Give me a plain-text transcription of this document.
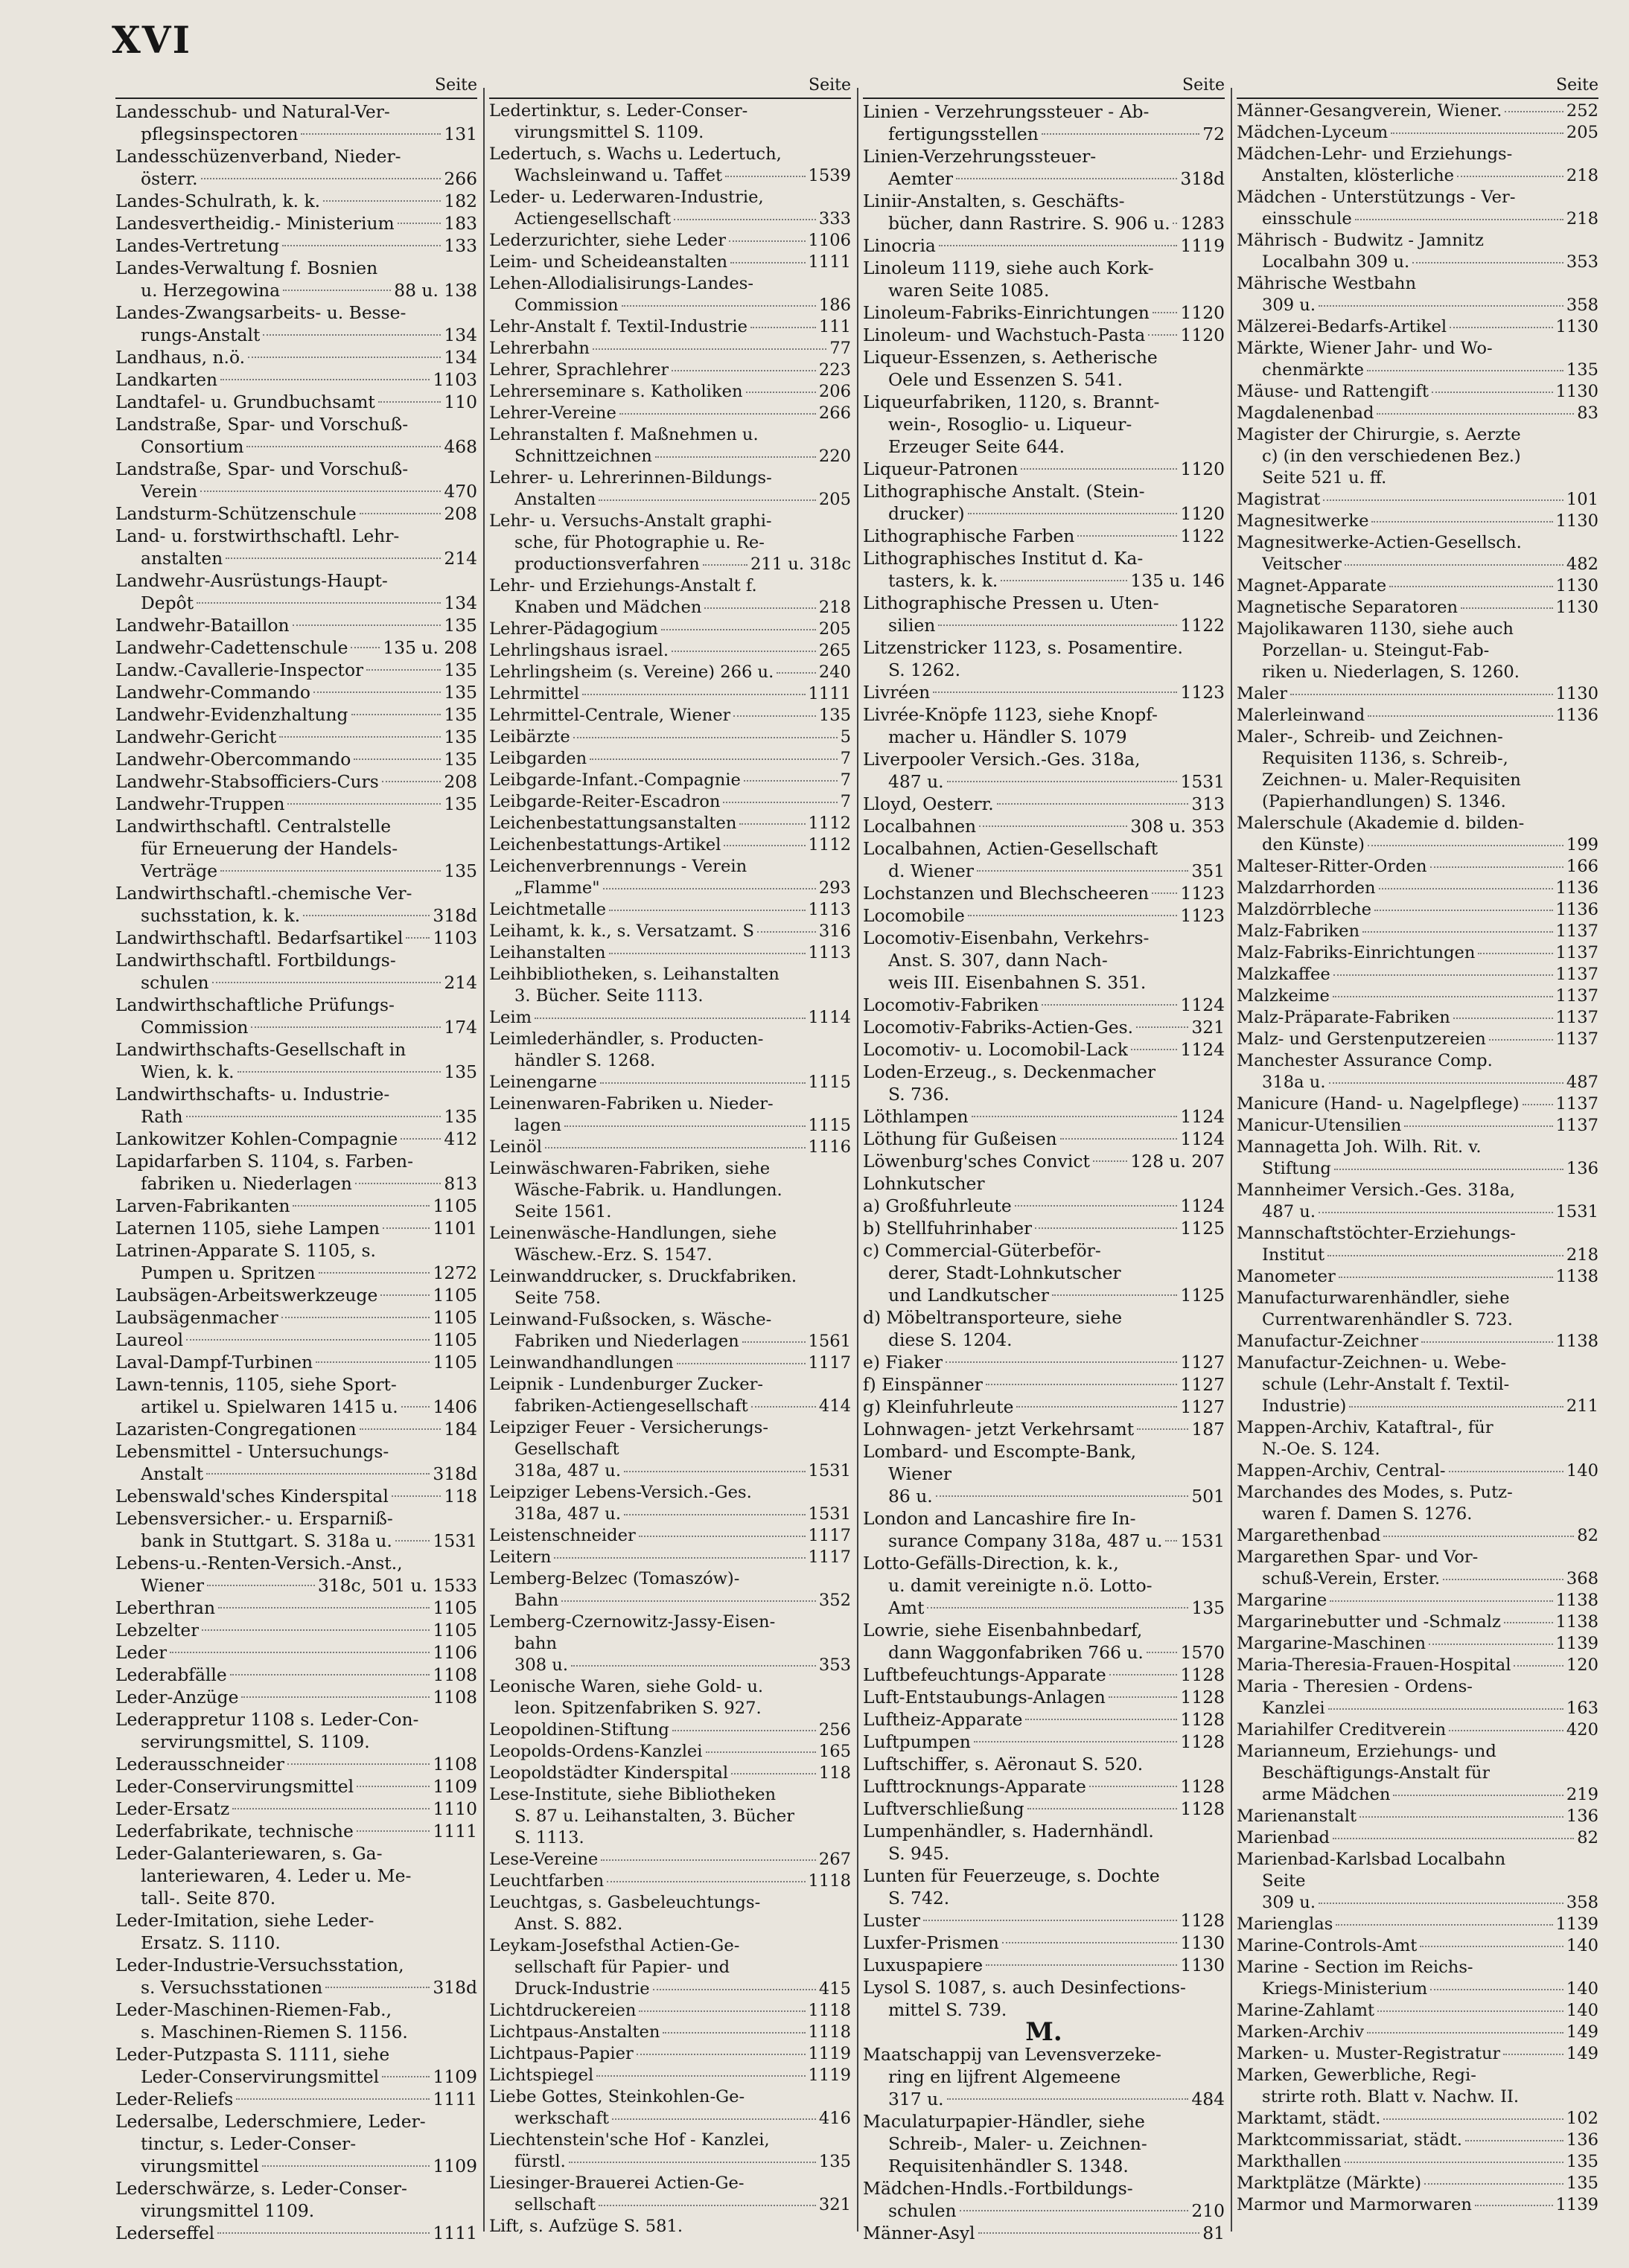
XVI
Seite
Landesschub- und Natural-Ver-
pflegsinspectoren	131
Landesschüzenverband, Nieder-
österr.	266
Landes-Schulrath, k. k.	182
Landesvertheidig.- Ministerium	183
Landes-Vertretung	133
Landes-Verwaltung f. Bosnien
u. Herzegowina	88 u. 138
Landes-Zwangsarbeits- u. Besse-
rungs-Anstalt	134
Landhaus, n.ö.	134
Landkarten	1103
Landtafel- u. Grundbuchsamt	110
Landstraße, Spar- und Vorschuß-
Consortium	468
Landstraße, Spar- und Vorschuß-
Verein	470
Landsturm-Schützenschule	208
Land- u. forstwirthschaftl. Lehr-
anstalten	214
Landwehr-Ausrüstungs-Haupt-
Depôt	134
Landwehr-Bataillon	135
Landwehr-Cadettenschule 135 u. 208
Landw.-Cavallerie-Inspector	135
Landwehr-Commando	135
Landwehr-Evidenzhaltung	135
Landwehr-Gericht	135
Landwehr-Obercommando	135
Landwehr-Stabsofficiers-Curs	208
Landwehr-Truppen	135
Landwirthschaftl. Centralstelle
für Erneuerung der Handels-
Verträge	135
Landwirthschaftl.-chemische Ver-
suchsstation, k. k.	318d
Landwirthschaftl. Bedarfsartikel 1103
Landwirthschaftl. Fortbildungs-
schulen	214
Landwirthschaftliche Prüfungs-
Commission	174
Landwirthschafts-Gesellschaft in
Wien, k. k.	135
Landwirthschafts- u. Industrie-
Rath	135
Lankowitzer Kohlen-Compagnie	412
Lapidarfarben S. 1104, s. Farben-
fabriken u. Niederlagen	813
Larven-Fabrikanten	1105
Laternen 1105, siehe Lampen	1101
Latrinen-Apparate S. 1105, s.
Pumpen u. Spritzen	1272
Laubsägen-Arbeitswerkzeuge	1105
Laubsägenmacher	1105
Laureol	1105
Laval-Dampf-Turbinen	1105
Lawn-tennis, 1105, siehe Sport-
artikel u. Spielwaren 1415 u. 1406
Lazaristen-Congregationen	184
Lebensmittel - Untersuchungs-
Anstalt	318d
Lebenswald'sches Kinderspital	118
Lebensversicher.- u. Ersparniß-
bank in Stuttgart. S. 318a u. 1531
Lebens-u.-Renten-Versich.-Anst.,
Wiener	318c, 501 u. 1533
Leberthran	1105
Lebzelter	1105
Leder	1106
Lederabfälle	1108
Leder-Anzüge	1108
Lederappretur 1108 s. Leder-Con-
servirungsmittel, S. 1109.
Lederausschneider	1108
Leder-Conservirungsmittel	1109
Leder-Ersatz	1110
Lederfabrikate, technische	1111
Leder-Galanteriewaren, s. Ga-
lanteriewaren, 4. Leder u. Me-
tall-. Seite 870.
Leder-Imitation, siehe Leder-
Ersatz. S. 1110.
Leder-Industrie-Versuchsstation,
s. Versuchsstationen	318d
Leder-Maschinen-Riemen-Fab.,
s. Maschinen-Riemen S. 1156.
Leder-Putzpasta S. 1111, siehe
Leder-Conservirungsmittel	1109
Leder-Reliefs	1111
Ledersalbe, Lederschmiere, Leder-
tinctur, s. Leder-Conser-
virungsmittel	1109
Lederschwärze, s. Leder-Conser-
virungsmittel 1109.
Lederseffel	1111
Seite
Ledertinktur, s. Leder-Conser-
virungsmittel S. 1109.
Ledertuch, s. Wachs u. Ledertuch,
Wachsleinwand u. Taffet	1539
Leder- u. Lederwaren-Industrie,
Actiengesellschaft	333
Lederzurichter, siehe Leder	1106
Leim- und Scheideanstalten	1111
Lehen-Allodialisirungs-Landes-
Commission	186
Lehr-Anstalt f. Textil-Industrie	111
Lehrerbahn	77
Lehrer, Sprachlehrer	223
Lehrerseminare s. Katholiken	206
Lehrer-Vereine	266
Lehranstalten f. Maßnehmen u.
Schnittzeichnen	220
Lehrer- u. Lehrerinnen-Bildungs-
Anstalten	205
Lehr- u. Versuchs-Anstalt graphi-
sche, für Photographie u. Re-
productionsverfahren	211 u. 318c
Lehr- und Erziehungs-Anstalt f.
Knaben und Mädchen	218
Lehrer-Pädagogium	205
Lehrlingshaus israel.	265
Lehrlingsheim (s. Vereine) 266 u.	240
Lehrmittel	1111
Lehrmittel-Centrale, Wiener	135
Leibärzte	5
Leibgarden	7
Leibgarde-Infant.-Compagnie	7
Leibgarde-Reiter-Escadron	7
Leichenbestattungsanstalten	1112
Leichenbestattungs-Artikel	1112
Leichenverbrennungs - Verein
„Flamme"	293
Leichtmetalle	1113
Leihamt, k. k., s. Versatzamt. S	316
Leihanstalten	1113
Leihbibliotheken, s. Leihanstalten
3. Bücher. Seite 1113.
Leim	1114
Leimlederhändler, s. Producten-
händler S. 1268.
Leinengarne	1115
Leinenwaren-Fabriken u. Nieder-
lagen	1115
Leinöl	1116
Leinwäschwaren-Fabriken, siehe
Wäsche-Fabrik. u. Handlungen.
Seite 1561.
Leinenwäsche-Handlungen, siehe
Wäschew.-Erz. S. 1547.
Leinwanddrucker, s. Druckfabriken.
Seite 758.
Leinwand-Fußsocken, s. Wäsche-
Fabriken und Niederlagen	1561
Leinwandhandlungen	1117
Leipnik - Lundenburger Zucker-
fabriken-Actiengesellschaft	414
Leipziger Feuer - Versicherungs-
Gesellschaft
318a, 487 u.	1531
Leipziger Lebens-Versich.-Ges.
318a, 487 u.	1531
Leistenschneider	1117
Leitern	1117
Lemberg-Belzec (Tomaszów)-
Bahn	352
Lemberg-Czernowitz-Jassy-Eisen-
bahn
308 u.	353
Leonische Waren, siehe Gold- u.
leon. Spitzenfabriken S. 927.
Leopoldinen-Stiftung	256
Leopolds-Ordens-Kanzlei	165
Leopoldstädter Kinderspital	118
Lese-Institute, siehe Bibliotheken
S. 87 u. Leihanstalten, 3. Bücher
S. 1113.
Lese-Vereine	267
Leuchtfarben	1118
Leuchtgas, s. Gasbeleuchtungs-
Anst. S. 882.
Leykam-Josefsthal Actien-Ge-
sellschaft für Papier- und
Druck-Industrie	415
Lichtdruckereien	1118
Lichtpaus-Anstalten	1118
Lichtpaus-Papier	1119
Lichtspiegel	1119
Liebe Gottes, Steinkohlen-Ge-
werkschaft	416
Liechtenstein'sche Hof - Kanzlei,
fürstl.	135
Liesinger-Brauerei Actien-Ge-
sellschaft	321
Lift, s. Aufzüge S. 581.
Seite
Linien - Verzehrungssteuer - Ab-
fertigungsstellen	72
Linien-Verzehrungssteuer-
Aemter	318d
Liniir-Anstalten, s. Geschäfts-
bücher, dann Rastrire. S. 906 u. 1283
Linocria	1119
Linoleum 1119, siehe auch Kork-
waren Seite 1085.
Linoleum-Fabriks-Einrichtungen 1120
Linoleum- und Wachstuch-Pasta 1120
Liqueur-Essenzen, s. Aetherische
Oele und Essenzen S. 541.
Liqueurfabriken, 1120, s. Brannt-
wein-, Rosoglio- u. Liqueur-
Erzeuger Seite 644.
Liqueur-Patronen	1120
Lithographische Anstalt. (Stein-
drucker)	1120
Lithographische Farben	1122
Lithographisches Institut d. Ka-
tasters, k. k.	135 u. 146
Lithographische Pressen u. Uten-
silien	1122
Litzenstricker 1123, s. Posamentire.
S. 1262.
Livréen	1123
Livrée-Knöpfe 1123, siehe Knopf-
macher u. Händler S. 1079
Liverpooler Versich.-Ges. 318a,
487 u.	1531
Lloyd, Oesterr.	313
Localbahnen	308 u. 353
Localbahnen, Actien-Gesellschaft
d. Wiener	351
Lochstanzen und Blechscheeren 1123
Locomobile	1123
Locomotiv-Eisenbahn, Verkehrs-
Anst. S. 307, dann Nach-
weis III. Eisenbahnen S. 351.
Locomotiv-Fabriken	1124
Locomotiv-Fabriks-Actien-Ges.	321
Locomotiv- u. Locomobil-Lack	1124
Loden-Erzeug., s. Deckenmacher
S. 736.
Löthlampen	1124
Löthung für Gußeisen	1124
Löwenburg'sches Convict 128 u. 207
Lohnkutscher
a) Großfuhrleute	1124
b) Stellfuhrinhaber	1125
c) Commercial-Güterbeför-
derer, Stadt-Lohnkutscher
und Landkutscher	1125
d) Möbeltransporteure, siehe
diese S. 1204.
e) Fiaker	1127
f) Einspänner	1127
g) Kleinfuhrleute	1127
Lohnwagen- jetzt Verkehrsamt	187
Lombard- und Escompte-Bank,
Wiener
86 u.	501
London and Lancashire fire In-
surance Company 318a, 487 u. 1531
Lotto-Gefälls-Direction, k. k.,
u. damit vereinigte n.ö. Lotto-
Amt	135
Lowrie, siehe Eisenbahnbedarf,
dann Waggonfabriken 766 u. 1570
Luftbefeuchtungs-Apparate	1128
Luft-Entstaubungs-Anlagen	1128
Luftheiz-Apparate	1128
Luftpumpen	1128
Luftschiffer, s. Aëronaut S. 520.
Lufttrocknungs-Apparate	1128
Luftverschließung	1128
Lumpenhändler, s. Hadernhändl.
S. 945.
Lunten für Feuerzeuge, s. Dochte
S. 742.
Luster	1128
Luxfer-Prismen	1130
Luxuspapiere	1130
Lysol S. 1087, s. auch Desinfections-
mittel S. 739.
M.
Maatschappij van Levensverzeke-
ring en lijfrent Algemeene
317 u.	484
Maculaturpapier-Händler, siehe
Schreib-, Maler- u. Zeichnen-
Requisitenhändler S. 1348.
Mädchen-Hndls.-Fortbildungs-
schulen	210
Männer-Asyl	81
Seite
Männer-Gesangverein, Wiener.	252
Mädchen-Lyceum	205
Mädchen-Lehr- und Erziehungs-
Anstalten, klösterliche	218
Mädchen - Unterstützungs - Ver-
einsschule	218
Mährisch - Budwitz - Jamnitz
Localbahn 309 u.	353
Mährische Westbahn
309 u.	358
Mälzerei-Bedarfs-Artikel	1130
Märkte, Wiener Jahr- und Wo-
chenmärkte	135
Mäuse- und Rattengift	1130
Magdalenenbad	83
Magister der Chirurgie, s. Aerzte
c) (in den verschiedenen Bez.)
Seite 521 u. ff.
Magistrat	101
Magnesitwerke	1130
Magnesitwerke-Actien-Gesellsch.
Veitscher	482
Magnet-Apparate	1130
Magnetische Separatoren	1130
Majolikawaren 1130, siehe auch
Porzellan- u. Steingut-Fab-
riken u. Niederlagen, S. 1260.
Maler	1130
Malerleinwand	1136
Maler-, Schreib- und Zeichnen-
Requisiten 1136, s. Schreib-,
Zeichnen- u. Maler-Requisiten
(Papierhandlungen) S. 1346.
Malerschule (Akademie d. bilden-
den Künste)	199
Malteser-Ritter-Orden	166
Malzdarrhorden	1136
Malzdörrbleche	1136
Malz-Fabriken	1137
Malz-Fabriks-Einrichtungen	1137
Malzkaffee	1137
Malzkeime	1137
Malz-Präparate-Fabriken	1137
Malz- und Gerstenputzereien	1137
Manchester Assurance Comp.
318a u.	487
Manicure (Hand- u. Nagelpflege) 1137
Manicur-Utensilien	1137
Mannagetta Joh. Wilh. Rit. v.
Stiftung	136
Mannheimer Versich.-Ges. 318a,
487 u.	1531
Mannschaftstöchter-Erziehungs-
Institut	218
Manometer	1138
Manufacturwarenhändler, siehe
Currentwarenhändler S. 723.
Manufactur-Zeichner	1138
Manufactur-Zeichnen- u. Webe-
schule (Lehr-Anstalt f. Textil-
Industrie)	211
Mappen-Archiv, Kataftral-, für
N.-Oe. S. 124.
Mappen-Archiv, Central-	140
Marchandes des Modes, s. Putz-
waren f. Damen S. 1276.
Margarethenbad	82
Margarethen Spar- und Vor-
schuß-Verein, Erster.	368
Margarine	1138
Margarinebutter und -Schmalz	1138
Margarine-Maschinen	1139
Maria-Theresia-Frauen-Hospital	120
Maria - Theresien - Ordens-
Kanzlei	163
Mariahilfer Creditverein	420
Marianneum, Erziehungs- und
Beschäftigungs-Anstalt für
arme Mädchen	219
Marienanstalt	136
Marienbad	82
Marienbad-Karlsbad Localbahn
Seite
309 u.	358
Marienglas	1139
Marine-Controls-Amt	140
Marine - Section im Reichs-
Kriegs-Ministerium	140
Marine-Zahlamt	140
Marken-Archiv	149
Marken- u. Muster-Registratur	149
Marken, Gewerbliche, Regi-
strirte roth. Blatt v. Nachw. II.
Marktamt, städt.	102
Marktcommissariat, städt.	136
Markthallen	135
Marktplätze (Märkte)	135
Marmor und Marmorwaren	1139
